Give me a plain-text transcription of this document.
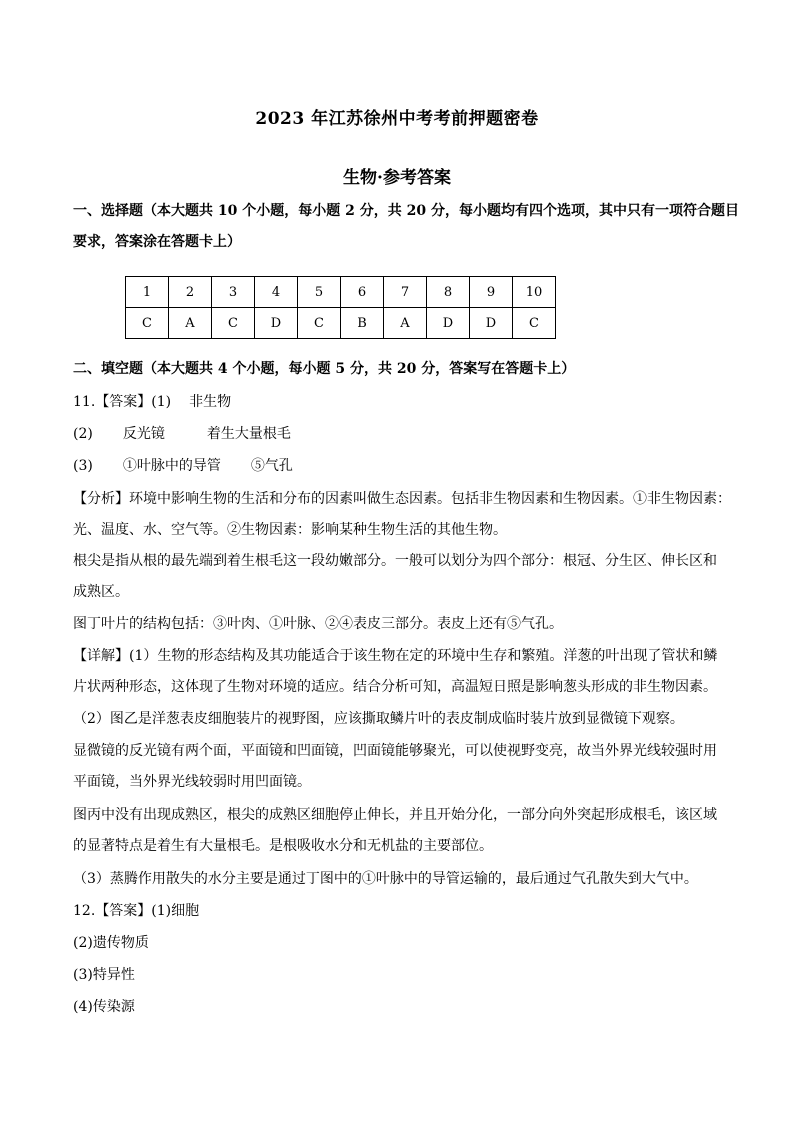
2023 年江苏徐州中考考前押题密卷
生物·参考答案
一、选择题（本大题共 10 个小题，每小题 2 分，共 20 分，每小题均有四个选项，其中只有一项符合题目
要求，答案涂在答题卡上）
1	2	3	4	5	6	7	8	9	10
C	A	C	D	C	B	A	D	D	C
二、填空题（本大题共 4 个小题，每小题 5 分，共 20 分，答案写在答题卡上）
11.【答案】(1) 非生物
(2) 反光镜	着生大量根毛
(3) ①叶脉中的导管 ⑤气孔
【分析】环境中影响生物的生活和分布的因素叫做生态因素。包括非生物因素和生物因素。①非生物因素：
光、温度、水、空气等。②生物因素：影响某种生物生活的其他生物。
根尖是指从根的最先端到着生根毛这一段幼嫩部分。一般可以划分为四个部分：根冠、分生区、伸长区和
成熟区。
图丁叶片的结构包括：③叶肉、①叶脉、②④表皮三部分。表皮上还有⑤气孔。
【详解】(1）生物的形态结构及其功能适合于该生物在定的环境中生存和繁殖。洋葱的叶出现了管状和鳞
片状两种形态，这体现了生物对环境的适应。结合分析可知，高温短日照是影响葱头形成的非生物因素。
（2）图乙是洋葱表皮细胞装片的视野图，应该撕取鳞片叶的表皮制成临时装片放到显微镜下观察。
显微镜的反光镜有两个面，平面镜和凹面镜，凹面镜能够聚光，可以使视野变亮，故当外界光线较强时用
平面镜，当外界光线较弱时用凹面镜。
图丙中没有出现成熟区，根尖的成熟区细胞停止伸长，并且开始分化，一部分向外突起形成根毛，该区域
的显著特点是着生有大量根毛。是根吸收水分和无机盐的主要部位。
（3）蒸腾作用散失的水分主要是通过丁图中的①叶脉中的导管运输的，最后通过气孔散失到大气中。
12.【答案】(1)细胞
(2)遗传物质
(3)特异性
(4)传染源
